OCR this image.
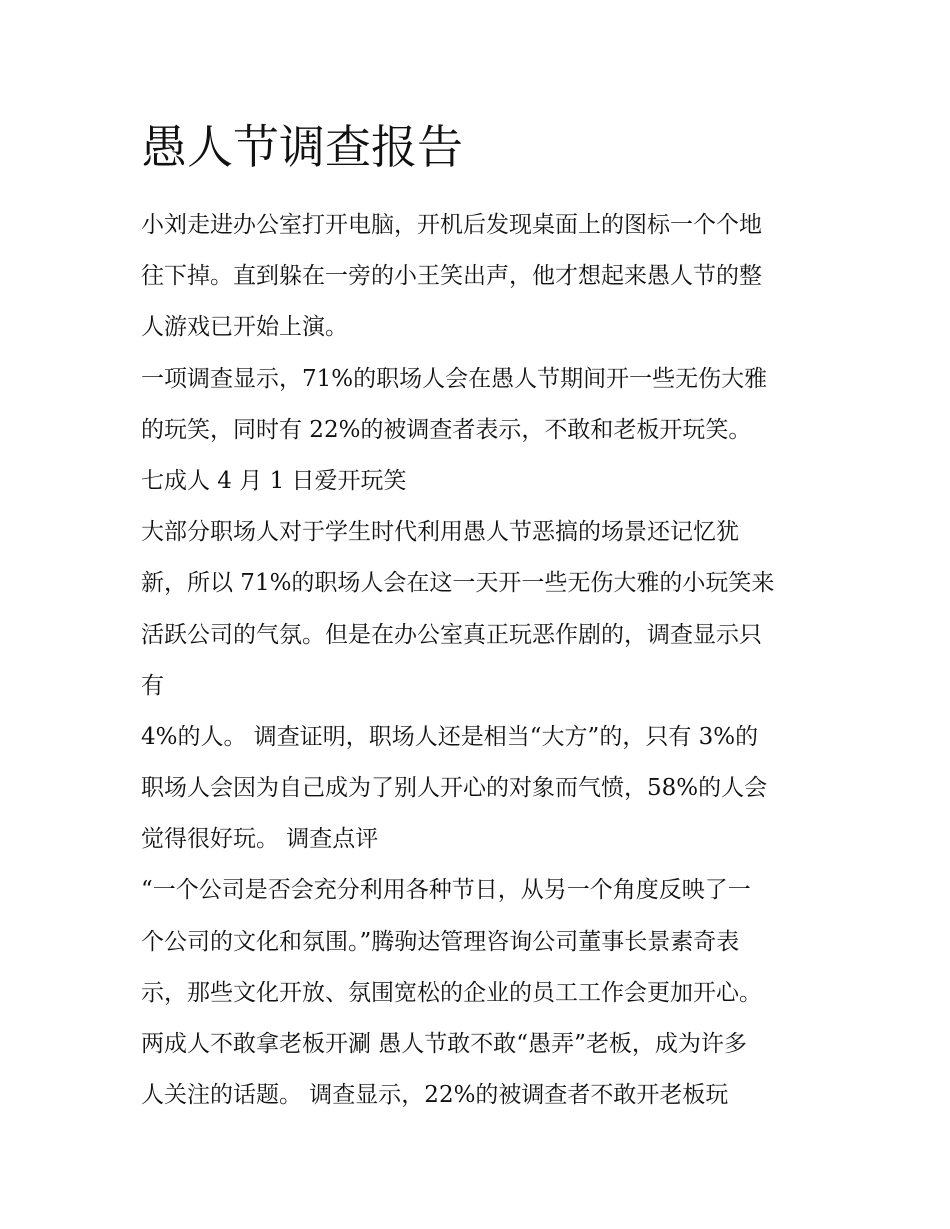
愚人节调查报告
小刘走进办公室打开电脑，开机后发现桌面上的图标一个个地
往下掉。直到躲在一旁的小王笑出声，他才想起来愚人节的整
人游戏已开始上演。
一项调查显示，71%的职场人会在愚人节期间开一些无伤大雅
的玩笑，同时有 22%的被调查者表示，不敢和老板开玩笑。
七成人 4 月 1 日爱开玩笑
大部分职场人对于学生时代利用愚人节恶搞的场景还记忆犹
新，所以 71%的职场人会在这一天开一些无伤大雅的小玩笑来
活跃公司的气氛。但是在办公室真正玩恶作剧的，调查显示只
有
4%的人。 调查证明，职场人还是相当“大方”的，只有 3%的
职场人会因为自己成为了别人开心的对象而气愤，58%的人会
觉得很好玩。 调查点评
“一个公司是否会充分利用各种节日，从另一个角度反映了一
个公司的文化和氛围。”腾驹达管理咨询公司董事长景素奇表
示，那些文化开放、氛围宽松的企业的员工工作会更加开心。
两成人不敢拿老板开涮 愚人节敢不敢“愚弄”老板，成为许多
人关注的话题。 调查显示，22%的被调查者不敢开老板玩
